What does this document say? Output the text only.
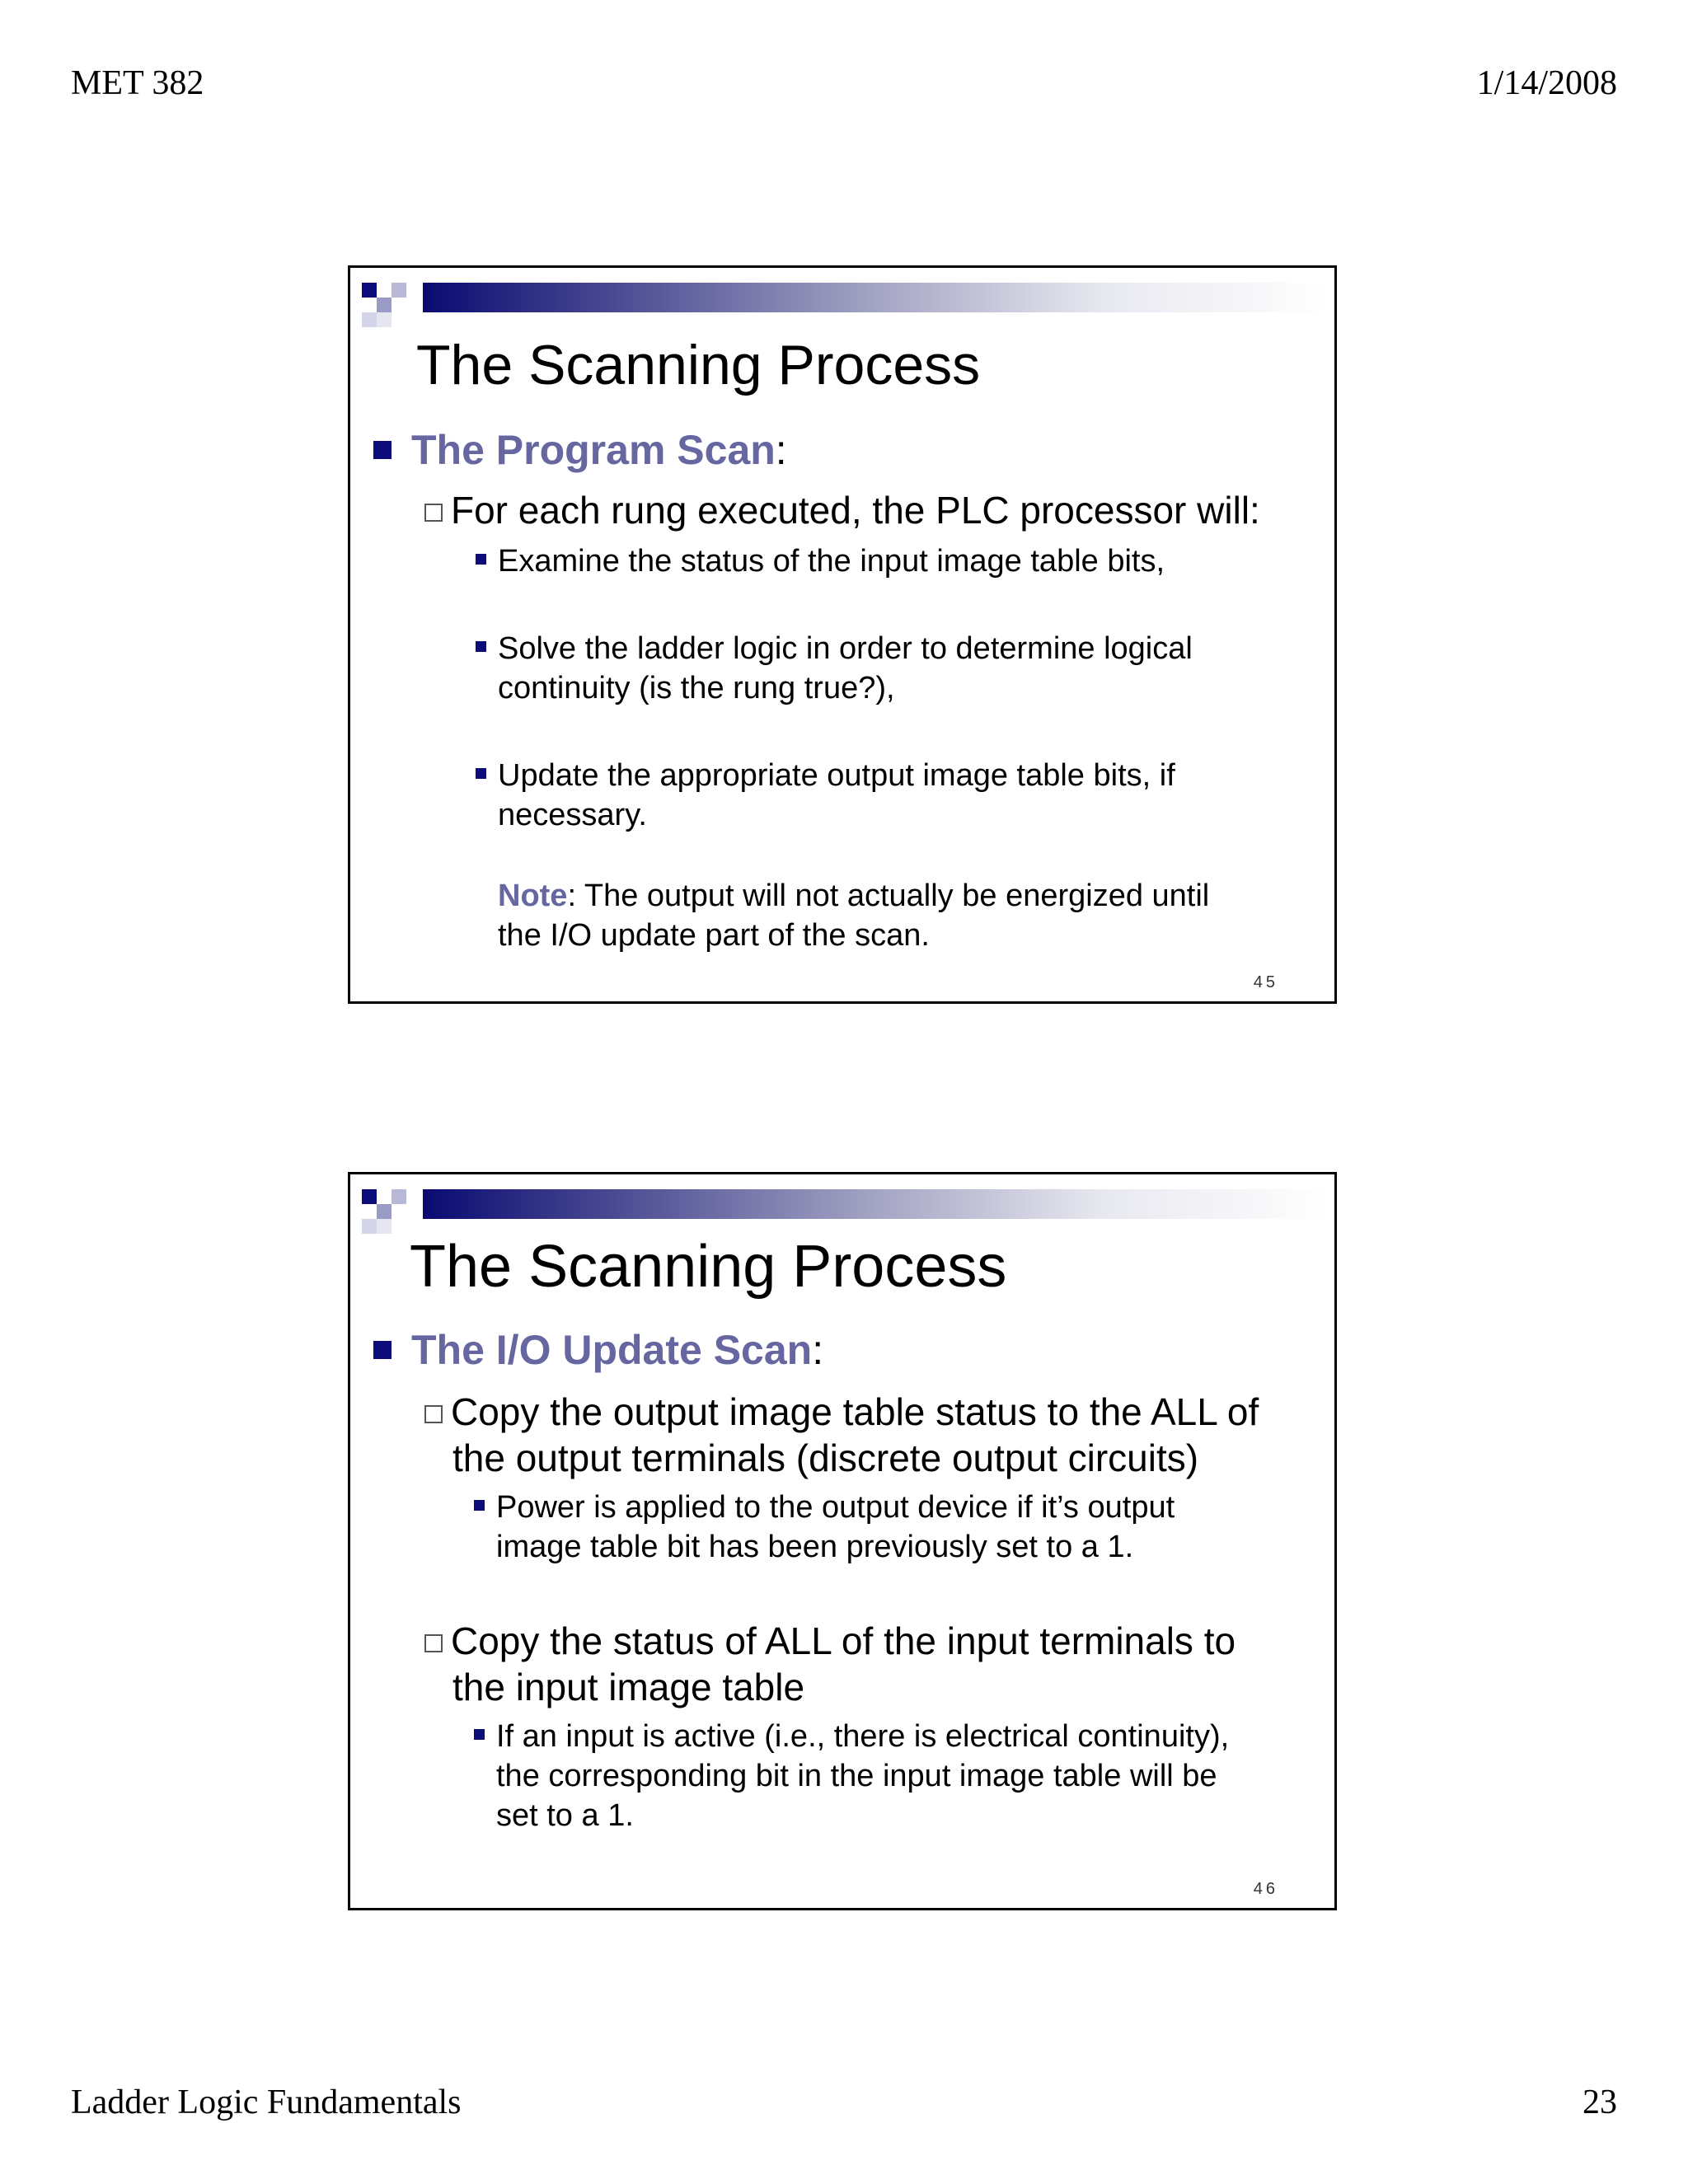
MET 382	1/14/2008
The Scanning Process
The Program Scan :
For each rung executed, the PLC processor will:
Examine the status of the input image table bits,
Solve the ladder logic in order to determine logical
continuity (is the rung true?),
Update the appropriate output image table bits, if
necessary.
Note: The output will not actually be energized until
the I/O update part of the scan.
45
The Scanning Process
The I/O Update Scan :
Copy the output image table status to the ALL of
the output terminals (discrete output circuits)
Power is applied to the output device if it’s output
image table bit has been previously set to a 1.
Copy the status of ALL of the input terminals to
the input image table
If an input is active (i.e., there is electrical continuity),
the corresponding bit in the input image table will be
set to a 1.
46
Ladder Logic Fundamentals	23
